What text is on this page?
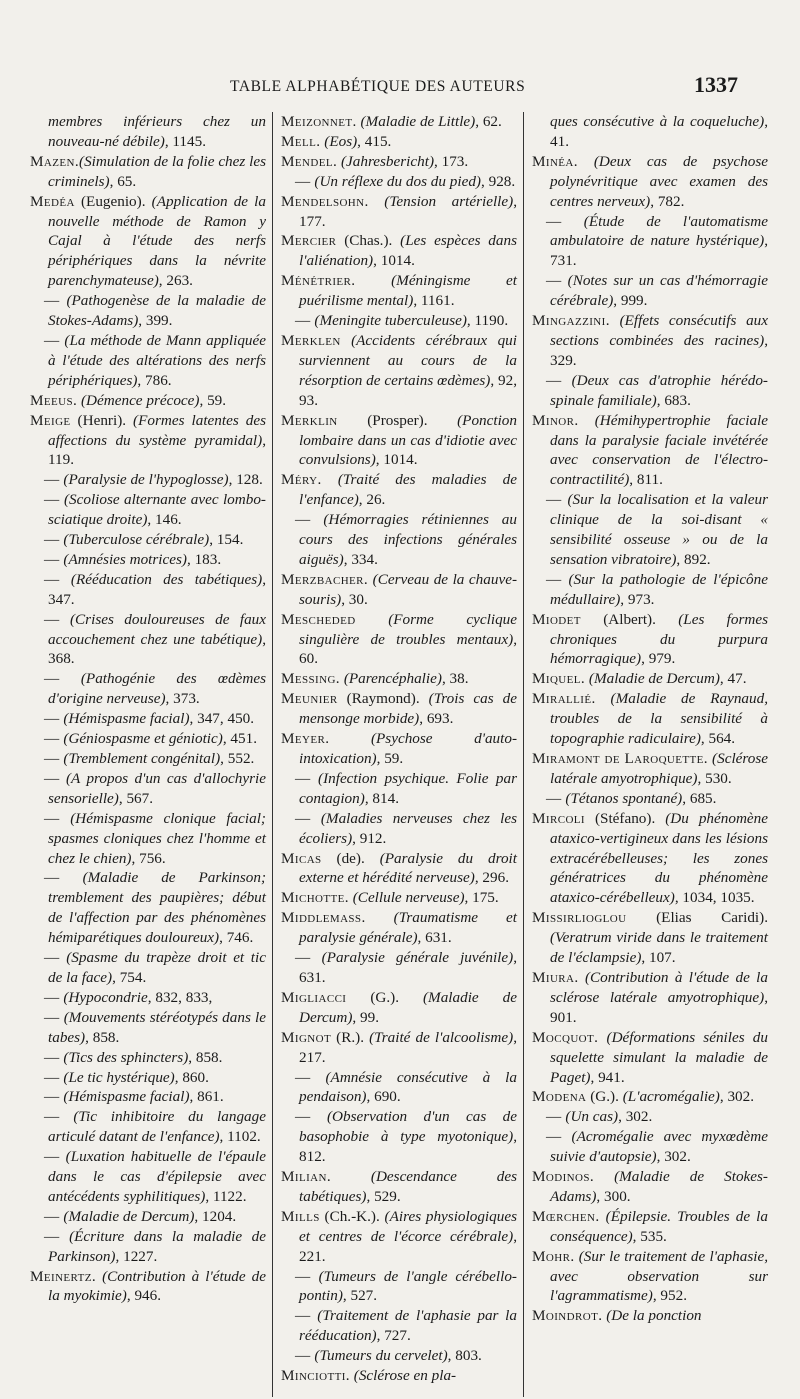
TABLE ALPHABÉTIQUE DES AUTEURS	1337

membres inférieurs chez un nouveau-né débile), 1145.

Mazen.(Simulation de la folie chez les criminels), 65.

Medéa (Eugenio). (Application de la nouvelle méthode de Ramon y Cajal à l'étude des nerfs périphériques dans la névrite parenchymateuse), 263.

— (Pathogenèse de la maladie de Stokes-Adams), 399.

— (La méthode de Mann appliquée à l'étude des altérations des nerfs périphériques), 786.

Meeus. (Démence précoce), 59.

Meige (Henri). (Formes latentes des affections du système pyramidal), 119.

— (Paralysie de l'hypoglosse), 128.

— (Scoliose alternante avec lombo-sciatique droite), 146.

— (Tuberculose cérébrale), 154.

— (Amnésies motrices), 183.

— (Rééducation des tabétiques), 347.

— (Crises douloureuses de faux accouchement chez une tabétique), 368.

— (Pathogénie des œdèmes d'origine nerveuse), 373.

— (Hémispasme facial), 347, 450.

— (Géniospasme et géniotic), 451.

— (Tremblement congénital), 552.

— (A propos d'un cas d'allochyrie sensorielle), 567.

— (Hémispasme clonique facial; spasmes cloniques chez l'homme et chez le chien), 756.

— (Maladie de Parkinson; tremblement des paupières; début de l'affection par des phénomènes hémiparétiques douloureux), 746.

— (Spasme du trapèze droit et tic de la face), 754.

— (Hypocondrie, 832, 833,

— (Mouvements stéréotypés dans le tabes), 858.

— (Tics des sphincters), 858.

— (Le tic hystérique), 860.

— (Hémispasme facial), 861.

— (Tic inhibitoire du langage articulé datant de l'enfance), 1102.

— (Luxation habituelle de l'épaule dans le cas d'épilepsie avec antécédents syphilitiques), 1122.

— (Maladie de Dercum), 1204.

— (Écriture dans la maladie de Parkinson), 1227.

Meinertz. (Contribution à l'étude de la myokimie), 946.

Meizonnet. (Maladie de Little), 62.

Mell. (Eos), 415.

Mendel. (Jahresbericht), 173.

— (Un réflexe du dos du pied), 928.

Mendelsohn. (Tension artérielle), 177.

Mercier (Chas.). (Les espèces dans l'aliénation), 1014.

Ménétrier. (Méningisme et puérilisme mental), 1161.

— (Meningite tuberculeuse), 1190.

Merklen (Accidents cérébraux qui surviennent au cours de la résorption de certains œdèmes), 92, 93.

Merklin (Prosper). (Ponction lombaire dans un cas d'idiotie avec convulsions), 1014.

Méry. (Traité des maladies de l'enfance), 26.

— (Hémorragies rétiniennes au cours des infections générales aiguës), 334.

Merzbacher. (Cerveau de la chauve-souris), 30.

Mescheded (Forme cyclique singulière de troubles mentaux), 60.

Messing. (Parencéphalie), 38.

Meunier (Raymond). (Trois cas de mensonge morbide), 693.

Meyer. (Psychose d'auto-intoxication), 59.

— (Infection psychique. Folie par contagion), 814.

— (Maladies nerveuses chez les écoliers), 912.

Micas (de). (Paralysie du droit externe et hérédité nerveuse), 296.

Michotte. (Cellule nerveuse), 175.

Middlemass. (Traumatisme et paralysie générale), 631.

— (Paralysie générale juvénile), 631.

Migliacci (G.). (Maladie de Dercum), 99.

Mignot (R.). (Traité de l'alcoolisme), 217.

— (Amnésie consécutive à la pendaison), 690.

— (Observation d'un cas de basophobie à type myotonique), 812.

Milian. (Descendance des tabétiques), 529.

Mills (Ch.-K.). (Aires physiologiques et centres de l'écorce cérébrale), 221.

— (Tumeurs de l'angle cérébello-pontin), 527.

— (Traitement de l'aphasie par la rééducation), 727.

— (Tumeurs du cervelet), 803.

Minciotti. (Sclérose en pla-

ques consécutive à la coqueluche), 41.

Minéa. (Deux cas de psychose polynévritique avec examen des centres nerveux), 782.

— (Étude de l'automatisme ambulatoire de nature hystérique), 731.

— (Notes sur un cas d'hémorragie cérébrale), 999.

Mingazzini. (Effets consécutifs aux sections combinées des racines), 329.

— (Deux cas d'atrophie hérédo-spinale familiale), 683.

Minor. (Hémihypertrophie faciale dans la paralysie faciale invétérée avec conservation de l'électro-contractilité), 811.

— (Sur la localisation et la valeur clinique de la soi-disant « sensibilité osseuse » ou de la sensation vibratoire), 892.

— (Sur la pathologie de l'épicône médullaire), 973.

Miodet (Albert). (Les formes chroniques du purpura hémorragique), 979.

Miquel. (Maladie de Dercum), 47.

Mirallié. (Maladie de Raynaud, troubles de la sensibilité à topographie radiculaire), 564.

Miramont de Laroquette. (Sclérose latérale amyotrophique), 530.

— (Tétanos spontané), 685.

Mircoli (Stéfano). (Du phénomène ataxico-vertigineux dans les lésions extracérébelleuses; les zones génératrices du phénomène ataxico-cérébelleux), 1034, 1035.

Missirlioglou (Elias Caridi). (Veratrum viride dans le traitement de l'éclampsie), 107.

Miura. (Contribution à l'étude de la sclérose latérale amyotrophique), 901.

Mocquot. (Déformations séniles du squelette simulant la maladie de Paget), 941.

Modena (G.). (L'acromégalie), 302.

— (Un cas), 302.

— (Acromégalie avec myxœdème suivie d'autopsie), 302.

Modinos. (Maladie de Stokes-Adams), 300.

Mœrchen. (Épilepsie. Troubles de la conséquence), 535.

Mohr. (Sur le traitement de l'aphasie, avec observation sur l'agrammatisme), 952.

Moindrot. (De la ponction
